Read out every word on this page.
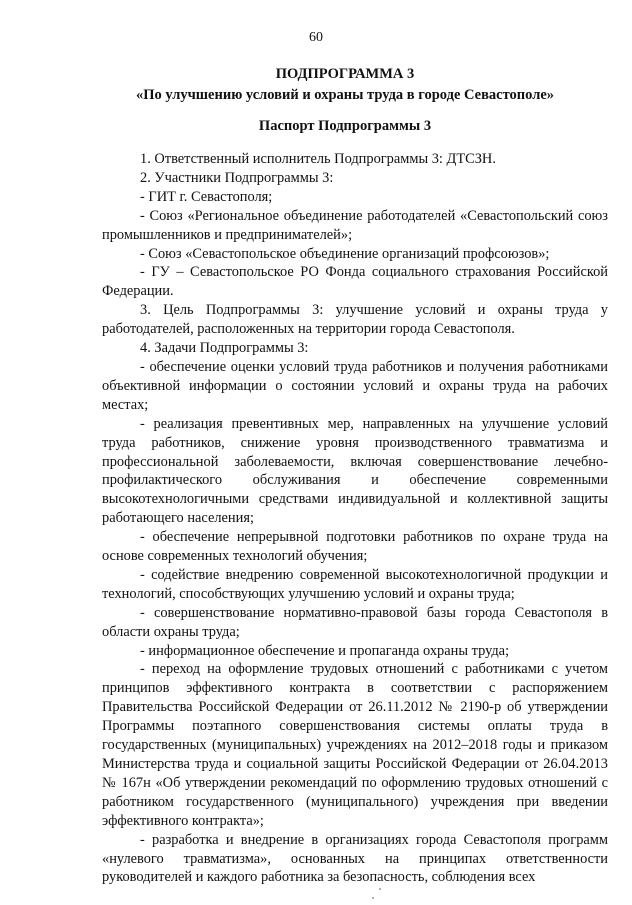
60
ПОДПРОГРАММА 3
«По улучшению условий и охраны труда в городе Севастополе»
Паспорт Подпрограммы 3

1. Ответственный исполнитель Подпрограммы 3: ДТСЗН.

2. Участники Подпрограммы 3:

- ГИТ г. Севастополя;

- Союз «Региональное объединение работодателей «Севастопольский союз промышленников и предпринимателей»;

- Союз «Севастопольское объединение организаций профсоюзов»;

- ГУ – Севастопольское РО Фонда социального страхования Российской Федерации.

3. Цель Подпрограммы 3: улучшение условий и охраны труда у работодателей, расположенных на территории города Севастополя.

4. Задачи Подпрограммы 3:

- обеспечение оценки условий труда работников и получения работниками объективной информации о состоянии условий и охраны труда на рабочих местах;

- реализация превентивных мер, направленных на улучшение условий труда работников, снижение уровня производственного травматизма и профессиональной заболеваемости, включая совершенствование лечебно-профилактического обслуживания и обеспечение современными высокотехнологичными средствами индивидуальной и коллективной защиты работающего населения;

- обеспечение непрерывной подготовки работников по охране труда на основе современных технологий обучения;

- содействие внедрению современной высокотехнологичной продукции и технологий, способствующих улучшению условий и охраны труда;

- совершенствование нормативно-правовой базы города Севастополя в области охраны труда;

- информационное обеспечение и пропаганда охраны труда;

- переход на оформление трудовых отношений с работниками с учетом принципов эффективного контракта в соответствии с распоряжением Правительства Российской Федерации от 26.11.2012 № 2190-р об утверждении Программы поэтапного совершенствования системы оплаты труда в государственных (муниципальных) учреждениях на 2012–2018 годы и приказом Министерства труда и социальной защиты Российской Федерации от 26.04.2013 № 167н «Об утверждении рекомендаций по оформлению трудовых отношений с работником государственного (муниципального) учреждения при введении эффективного контракта»;

- разработка и внедрение в организациях города Севастополя программ «нулевого травматизма», основанных на принципах ответственности руководителей и каждого работника за безопасность, соблюдения всех
